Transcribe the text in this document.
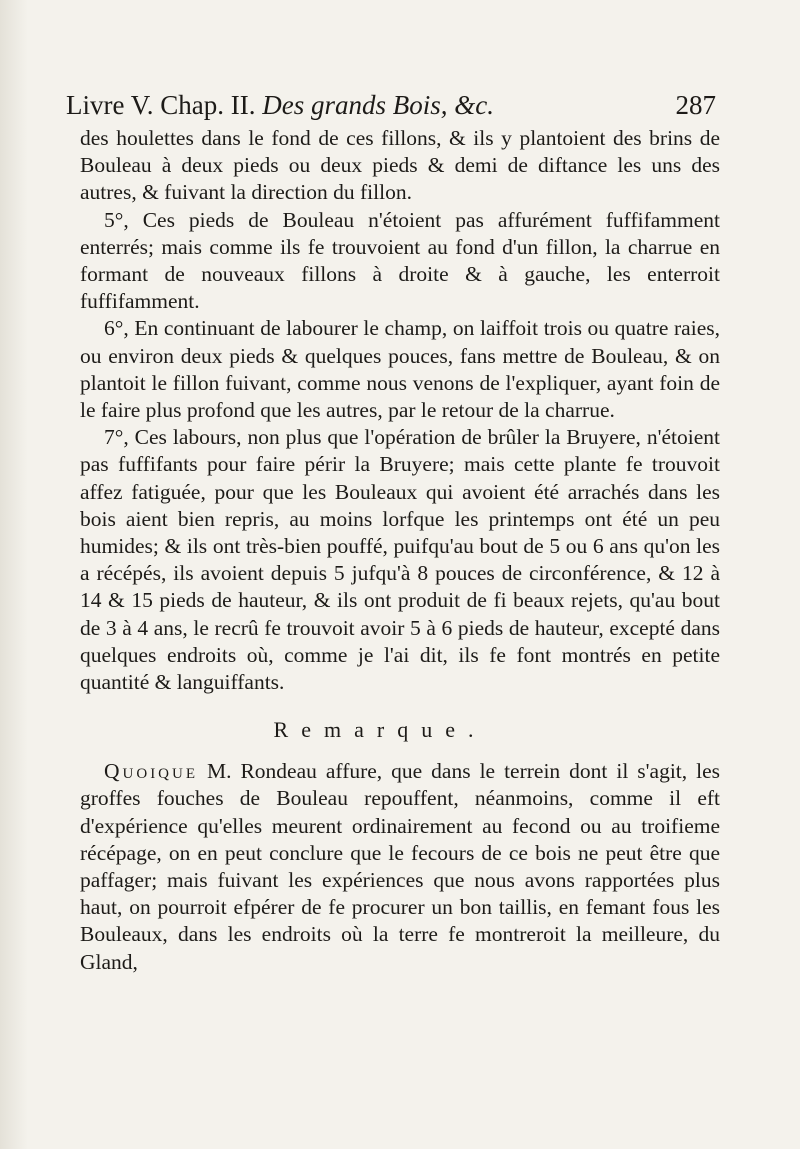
Livre V. Chap. II. Des grands Bois, &c.	287

des houlettes dans le fond de ces fillons, & ils y plantoient des brins de Bouleau à deux pieds ou deux pieds & demi de diftance les uns des autres, & fuivant la direction du fillon.

5°, Ces pieds de Bouleau n'étoient pas affurément fuffifamment enterrés; mais comme ils fe trouvoient au fond d'un fillon, la charrue en formant de nouveaux fillons à droite & à gauche, les enterroit fuffifamment.

6°, En continuant de labourer le champ, on laiffoit trois ou quatre raies, ou environ deux pieds & quelques pouces, fans mettre de Bouleau, & on plantoit le fillon fuivant, comme nous venons de l'expliquer, ayant foin de le faire plus profond que les autres, par le retour de la charrue.

7°, Ces labours, non plus que l'opération de brûler la Bruyere, n'étoient pas fuffifants pour faire périr la Bruyere; mais cette plante fe trouvoit affez fatiguée, pour que les Bouleaux qui avoient été arrachés dans les bois aient bien repris, au moins lorfque les printemps ont été un peu humides; & ils ont très-bien pouffé, puifqu'au bout de 5 ou 6 ans qu'on les a récépés, ils avoient depuis 5 jufqu'à 8 pouces de circonférence, & 12 à 14 & 15 pieds de hauteur, & ils ont produit de fi beaux rejets, qu'au bout de 3 à 4 ans, le recrû fe trouvoit avoir 5 à 6 pieds de hauteur, excepté dans quelques endroits où, comme je l'ai dit, ils fe font montrés en petite quantité & languiffants.

Remarque.

Quoique M. Rondeau affure, que dans le terrein dont il s'agit, les groffes fouches de Bouleau repouffent, néanmoins, comme il eft d'expérience qu'elles meurent ordinairement au fecond ou au troifieme récépage, on en peut conclure que le fecours de ce bois ne peut être que paffager; mais fuivant les expériences que nous avons rapportées plus haut, on pourroit efpérer de fe procurer un bon taillis, en femant fous les Bouleaux, dans les endroits où la terre fe montreroit la meilleure, du Gland,
